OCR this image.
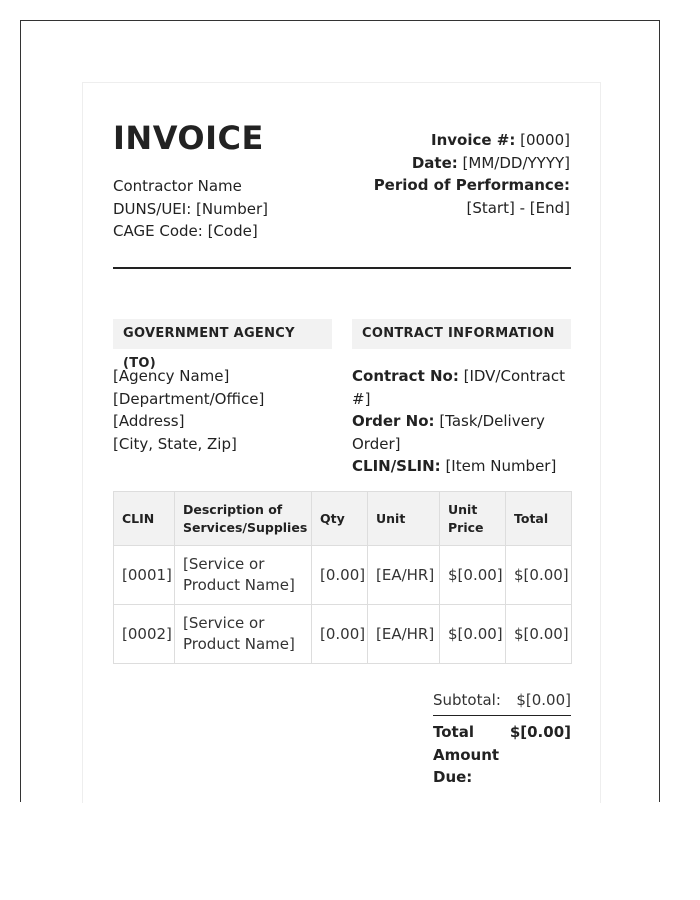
INVOICE
Contractor Name
DUNS/UEI: [Number]
CAGE Code: [Code]
Invoice #: [0000]
Date: [MM/DD/YYYY]
Period of Performance:
[Start] - [End]
GOVERNMENT AGENCY (TO)
CONTRACT INFORMATION
[Agency Name]
[Department/Office]
[Address]
[City, State, Zip]
Contract No: [IDV/Contract #]
Order No: [Task/Delivery Order]
CLIN/SLIN: [Item Number]
CLIN	Description of Services/Supplies	Qty	Unit	Unit Price	Total
[0001]	[Service or Product Name]	[0.00]	[EA/HR]	$[0.00]	$[0.00]
[0002]	[Service or Product Name]	[0.00]	[EA/HR]	$[0.00]	$[0.00]
Subtotal: $[0.00]
Total Amount Due:
$[0.00]
